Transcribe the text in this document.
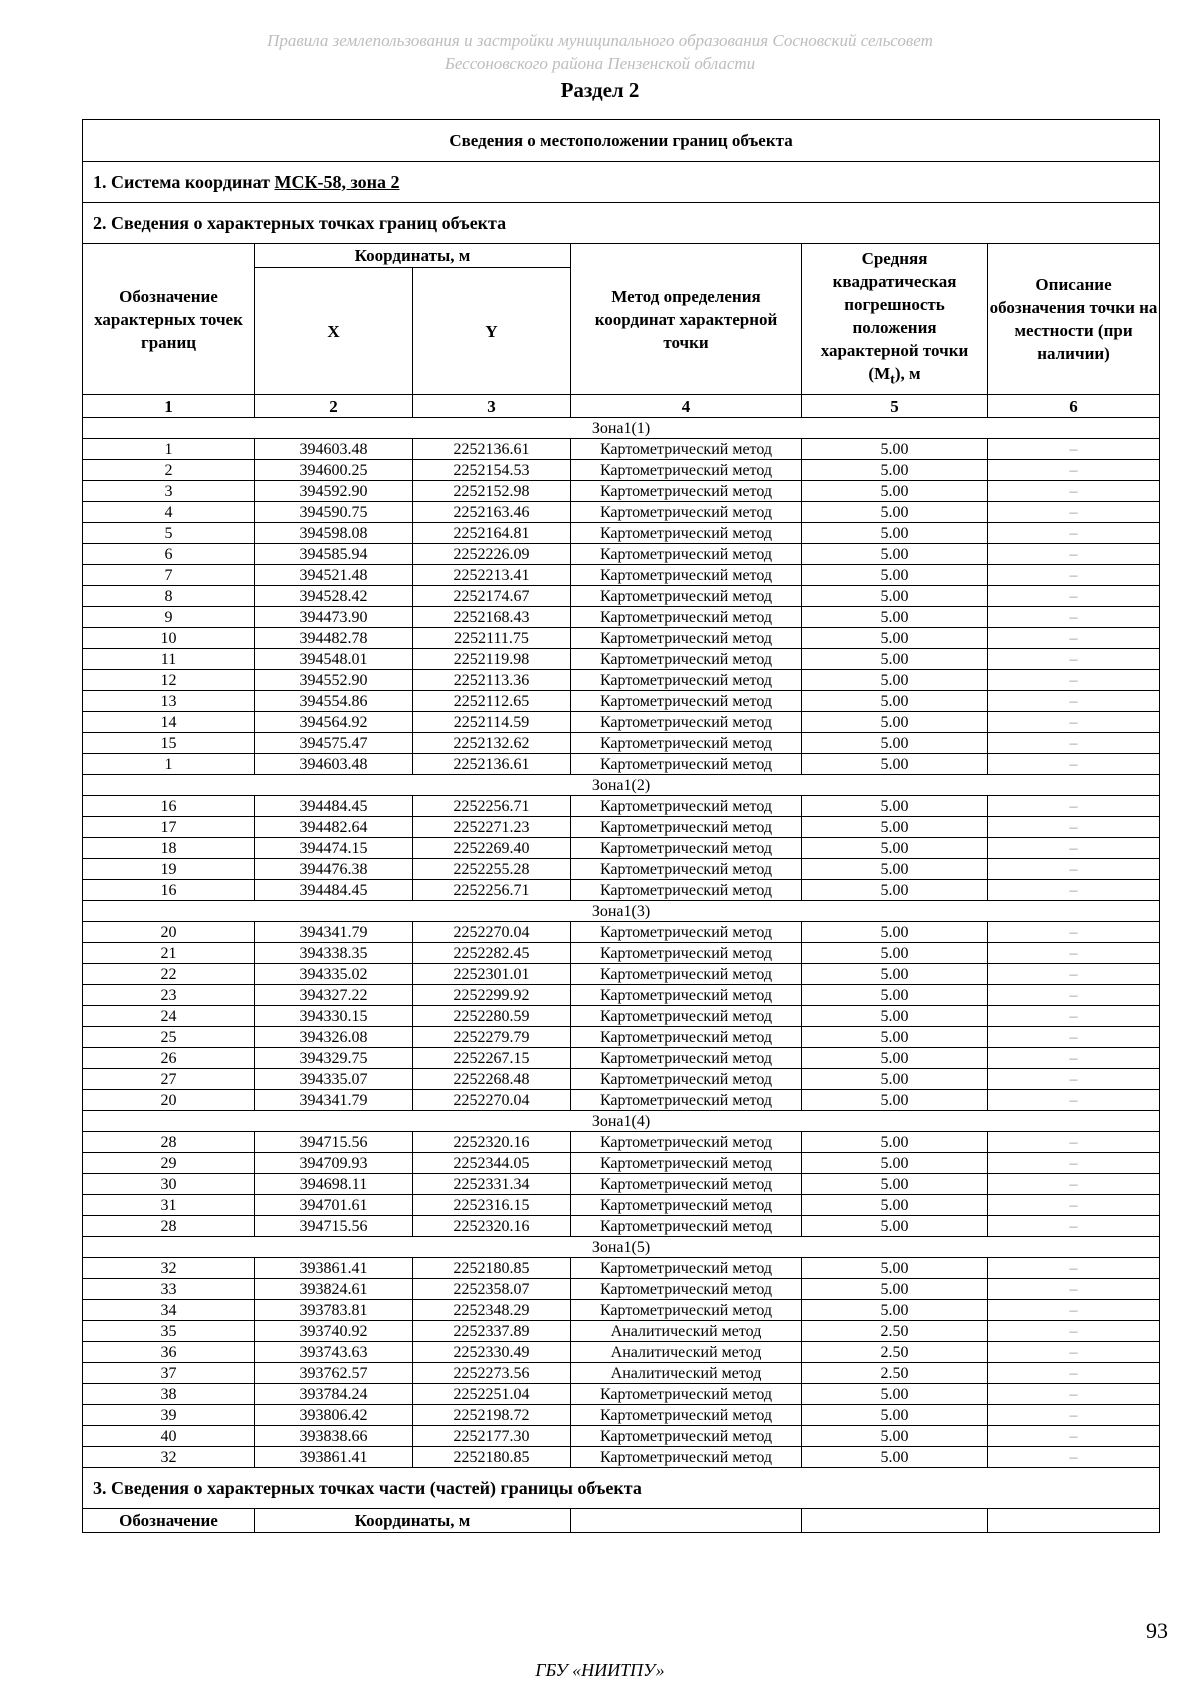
Правила землепользования и застройки муниципального образования Сосновский сельсовет
Бессоновского района Пензенской области
Раздел 2
Сведения о местоположении границ объекта					
1. Система координат МСК-58, зона 2					
2. Сведения о характерных точках границ объекта					
Обозначение характерных точек границ	Координаты, м		Метод определения координат характерной точки	Средняя квадратическая погрешность положения характерной точки $(M_t)$, м	Описание обозначения точки на местности (при наличии)
	X	Y			
1	2	3	4	5	6
Зона1(1)					
1	394603.48	2252136.61	Картометрический метод	5.00	–
2	394600.25	2252154.53	Картометрический метод	5.00	–
3	394592.90	2252152.98	Картометрический метод	5.00	–
4	394590.75	2252163.46	Картометрический метод	5.00	–
5	394598.08	2252164.81	Картометрический метод	5.00	–
6	394585.94	2252226.09	Картометрический метод	5.00	–
7	394521.48	2252213.41	Картометрический метод	5.00	–
8	394528.42	2252174.67	Картометрический метод	5.00	–
9	394473.90	2252168.43	Картометрический метод	5.00	–
10	394482.78	2252111.75	Картометрический метод	5.00	–
11	394548.01	2252119.98	Картометрический метод	5.00	–
12	394552.90	2252113.36	Картометрический метод	5.00	–
13	394554.86	2252112.65	Картометрический метод	5.00	–
14	394564.92	2252114.59	Картометрический метод	5.00	–
15	394575.47	2252132.62	Картометрический метод	5.00	–
1	394603.48	2252136.61	Картометрический метод	5.00	–
Зона1(2)					
16	394484.45	2252256.71	Картометрический метод	5.00	–
17	394482.64	2252271.23	Картометрический метод	5.00	–
18	394474.15	2252269.40	Картометрический метод	5.00	–
19	394476.38	2252255.28	Картометрический метод	5.00	–
16	394484.45	2252256.71	Картометрический метод	5.00	–
Зона1(3)					
20	394341.79	2252270.04	Картометрический метод	5.00	–
21	394338.35	2252282.45	Картометрический метод	5.00	–
22	394335.02	2252301.01	Картометрический метод	5.00	–
23	394327.22	2252299.92	Картометрический метод	5.00	–
24	394330.15	2252280.59	Картометрический метод	5.00	–
25	394326.08	2252279.79	Картометрический метод	5.00	–
26	394329.75	2252267.15	Картометрический метод	5.00	–
27	394335.07	2252268.48	Картометрический метод	5.00	–
20	394341.79	2252270.04	Картометрический метод	5.00	–
Зона1(4)					
28	394715.56	2252320.16	Картометрический метод	5.00	–
29	394709.93	2252344.05	Картометрический метод	5.00	–
30	394698.11	2252331.34	Картометрический метод	5.00	–
31	394701.61	2252316.15	Картометрический метод	5.00	–
28	394715.56	2252320.16	Картометрический метод	5.00	–
Зона1(5)					
32	393861.41	2252180.85	Картометрический метод	5.00	–
33	393824.61	2252358.07	Картометрический метод	5.00	–
34	393783.81	2252348.29	Картометрический метод	5.00	–
35	393740.92	2252337.89	Аналитический метод	2.50	–
36	393743.63	2252330.49	Аналитический метод	2.50	–
37	393762.57	2252273.56	Аналитический метод	2.50	–
38	393784.24	2252251.04	Картометрический метод	5.00	–
39	393806.42	2252198.72	Картометрический метод	5.00	–
40	393838.66	2252177.30	Картометрический метод	5.00	–
32	393861.41	2252180.85	Картометрический метод	5.00	–
3. Сведения о характерных точках части (частей) границы объекта					
Обозначение	Координаты, м				
93
ГБУ «НИИТПУ»
